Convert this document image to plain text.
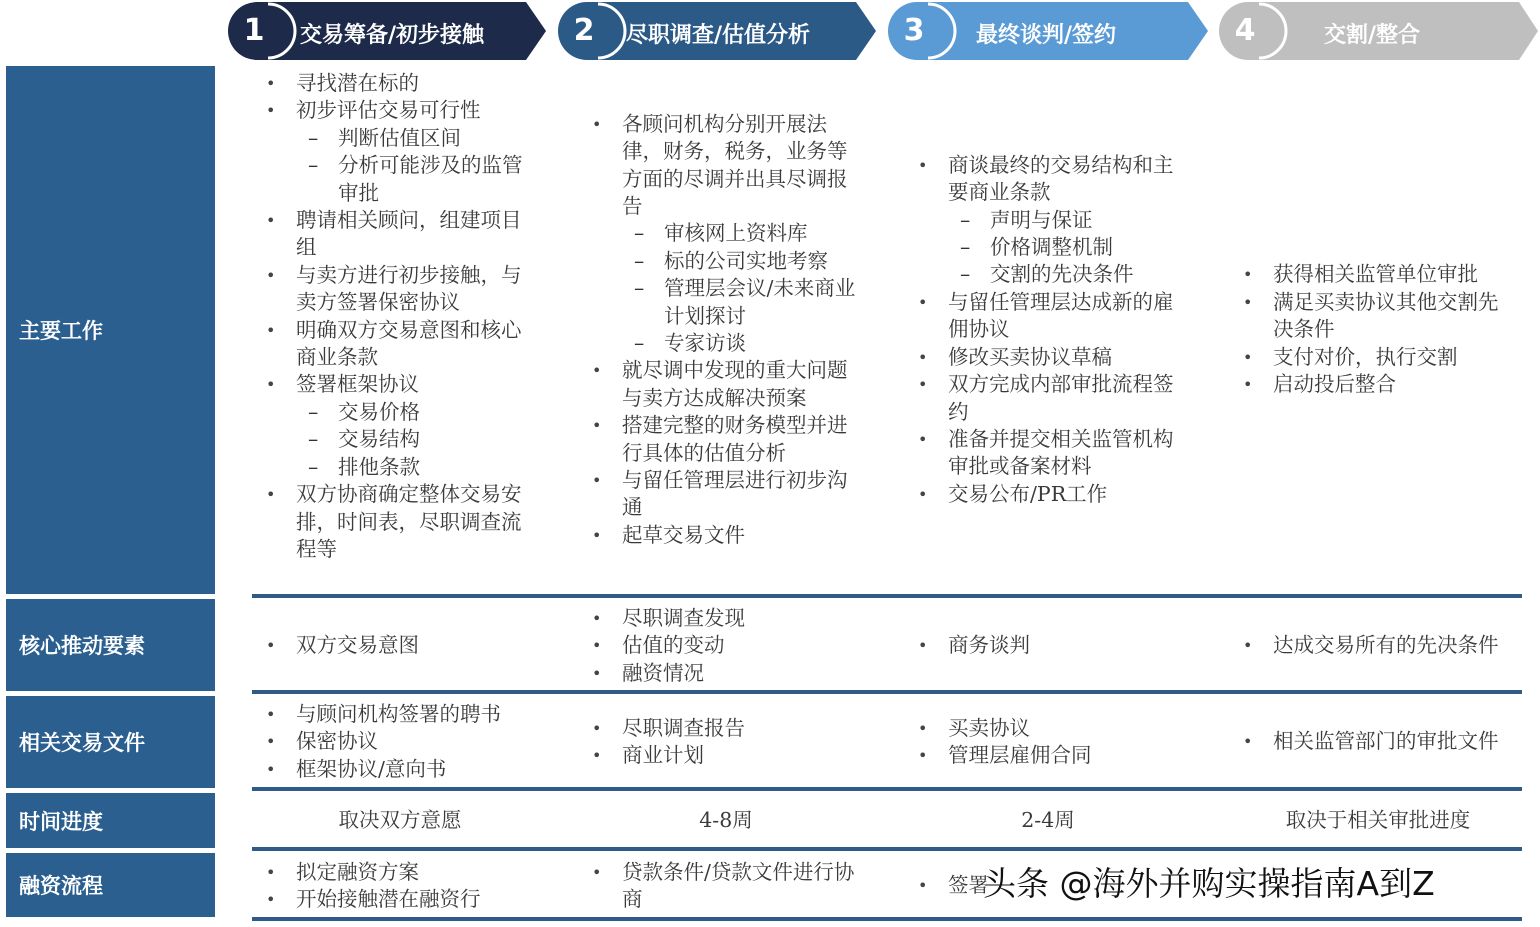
1	交易筹备/初步接触	2	尽职调查/估值分析	3	最终谈判/签约	4	交割/整合
主要工作
核心推动要素
相关交易文件
时间进度
融资流程
• 寻找潜在标的
• 初步评估交易可行性
– 判断估值区间
– 分析可能涉及的监管审批
• 聘请相关顾问，组建项目组
• 与卖方进行初步接触，与卖方签署保密协议
• 明确双方交易意图和核心商业条款
• 签署框架协议
– 交易价格
– 交易结构
– 排他条款
• 双方协商确定整体交易安排，时间表，尽职调查流程等
• 各顾问机构分别开展法律，财务，税务，业务等方面的尽调并出具尽调报告
– 审核网上资料库
– 标的公司实地考察
– 管理层会议/未来商业计划探讨
– 专家访谈
• 就尽调中发现的重大问题与卖方达成解决预案
• 搭建完整的财务模型并进行具体的估值分析
• 与留任管理层进行初步沟通
• 起草交易文件
• 商谈最终的交易结构和主要商业条款
– 声明与保证
– 价格调整机制
– 交割的先决条件
• 与留任管理层达成新的雇佣协议
• 修改买卖协议草稿
• 双方完成内部审批流程签约
• 准备并提交相关监管机构审批或备案材料
• 交易公布/PR工作
• 获得相关监管单位审批
• 满足买卖协议其他交割先决条件
• 支付对价，执行交割
• 启动投后整合
• 双方交易意图
• 尽职调查发现
• 估值的变动
• 融资情况
• 商务谈判
•	达成交易所有的先决条件
• 与顾问机构签署的聘书
• 保密协议
• 框架协议/意向书
• 尽职调查报告
• 商业计划
• 买卖协议
• 管理层雇佣合同
• 相关监管部门的审批文件
取决双方意愿	4-8周	2-4周	取决于相关审批进度
• 拟定融资方案
• 开始接触潜在融资行
• 贷款条件/贷款文件进行协商
• 签署
头条 @海外并购实操指南A到Z
